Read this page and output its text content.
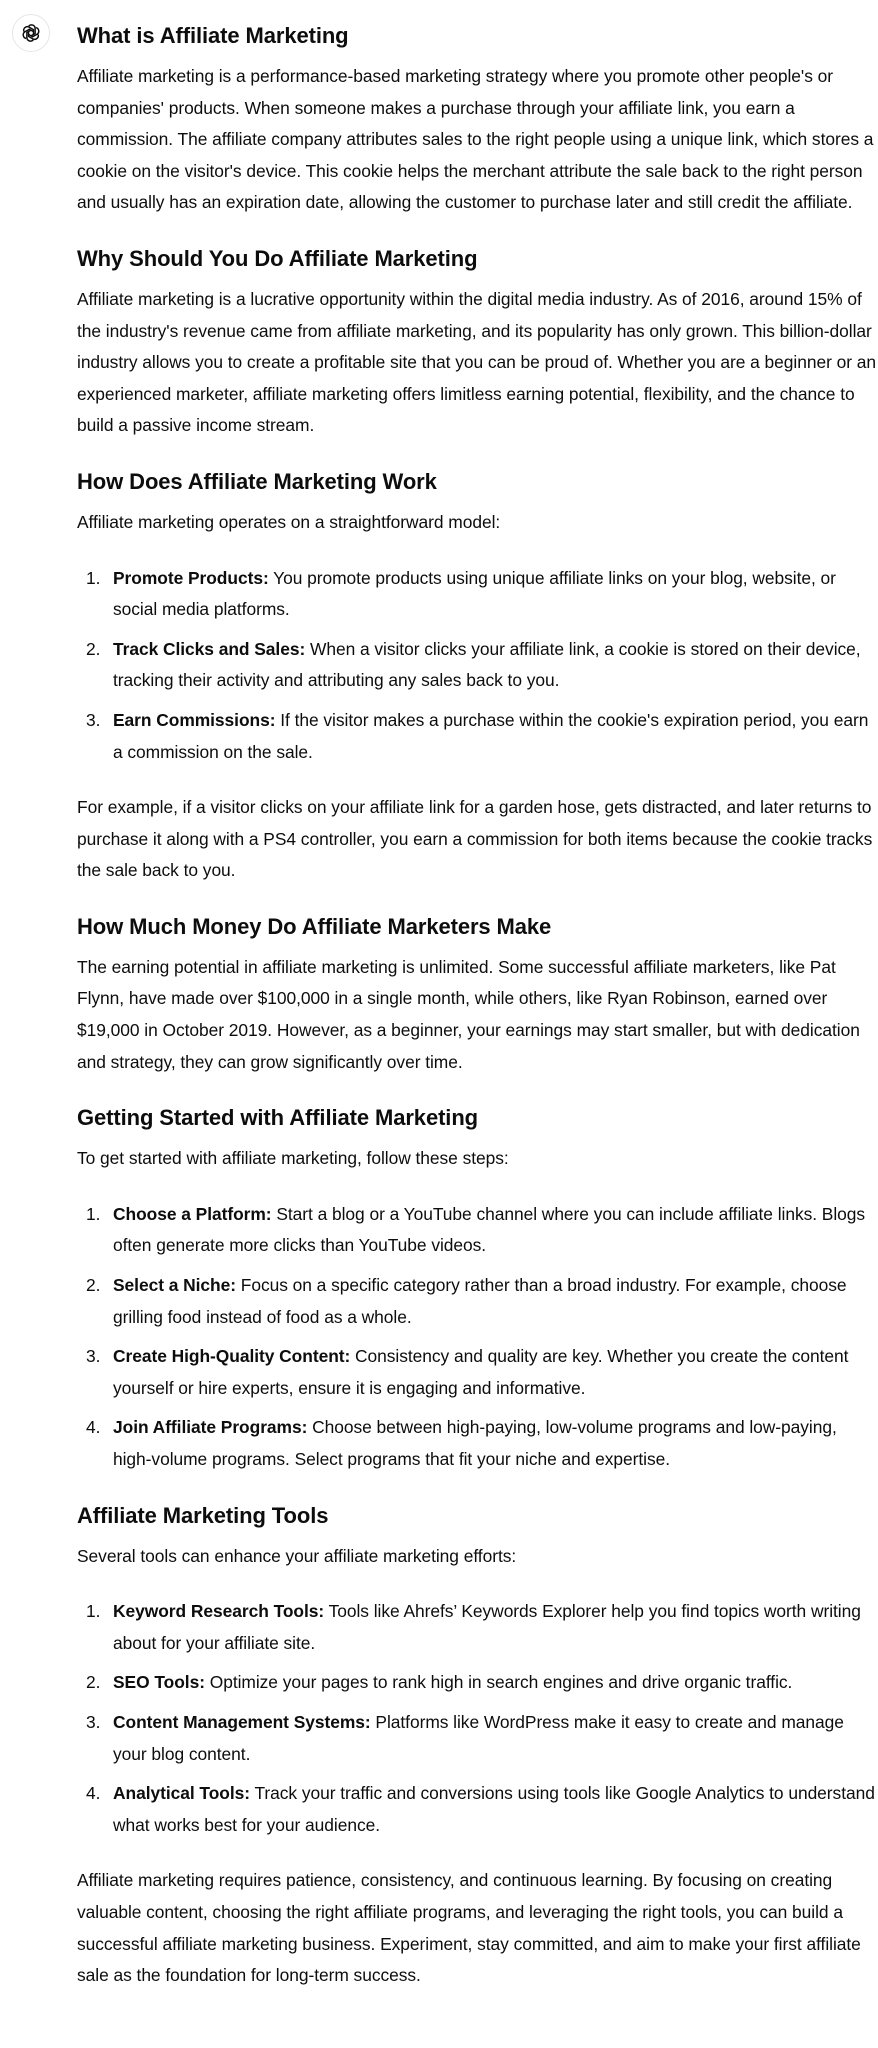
What is Affiliate Marketing

Affiliate marketing is a performance-based marketing strategy where you promote other people's or companies' products. When someone makes a purchase through your affiliate link, you earn a commission. The affiliate company attributes sales to the right people using a unique link, which stores a cookie on the visitor's device. This cookie helps the merchant attribute the sale back to the right person and usually has an expiration date, allowing the customer to purchase later and still credit the affiliate.

Why Should You Do Affiliate Marketing

Affiliate marketing is a lucrative opportunity within the digital media industry. As of 2016, around 15% of the industry's revenue came from affiliate marketing, and its popularity has only grown. This billion-dollar industry allows you to create a profitable site that you can be proud of. Whether you are a beginner or an experienced marketer, affiliate marketing offers limitless earning potential, flexibility, and the chance to build a passive income stream.

How Does Affiliate Marketing Work

Affiliate marketing operates on a straightforward model:

1. Promote Products: You promote products using unique affiliate links on your blog, website, or social media platforms.
2. Track Clicks and Sales: When a visitor clicks your affiliate link, a cookie is stored on their device, tracking their activity and attributing any sales back to you.
3. Earn Commissions: If the visitor makes a purchase within the cookie's expiration period, you earn a commission on the sale.

For example, if a visitor clicks on your affiliate link for a garden hose, gets distracted, and later returns to purchase it along with a PS4 controller, you earn a commission for both items because the cookie tracks the sale back to you.

How Much Money Do Affiliate Marketers Make

The earning potential in affiliate marketing is unlimited. Some successful affiliate marketers, like Pat Flynn, have made over $100,000 in a single month, while others, like Ryan Robinson, earned over $19,000 in October 2019. However, as a beginner, your earnings may start smaller, but with dedication and strategy, they can grow significantly over time.

Getting Started with Affiliate Marketing

To get started with affiliate marketing, follow these steps:

1. Choose a Platform: Start a blog or a YouTube channel where you can include affiliate links. Blogs often generate more clicks than YouTube videos.
2. Select a Niche: Focus on a specific category rather than a broad industry. For example, choose grilling food instead of food as a whole.
3. Create High-Quality Content: Consistency and quality are key. Whether you create the content yourself or hire experts, ensure it is engaging and informative.
4. Join Affiliate Programs: Choose between high-paying, low-volume programs and low-paying, high-volume programs. Select programs that fit your niche and expertise.
Affiliate Marketing Tools

Several tools can enhance your affiliate marketing efforts:

1. Keyword Research Tools: Tools like Ahrefs’ Keywords Explorer help you find topics worth writing about for your affiliate site.
2. SEO Tools: Optimize your pages to rank high in search engines and drive organic traffic.
3. Content Management Systems: Platforms like WordPress make it easy to create and manage your blog content.
4. Analytical Tools: Track your traffic and conversions using tools like Google Analytics to understand what works best for your audience.

Affiliate marketing requires patience, consistency, and continuous learning. By focusing on creating valuable content, choosing the right affiliate programs, and leveraging the right tools, you can build a successful affiliate marketing business. Experiment, stay committed, and aim to make your first affiliate sale as the foundation for long-term success.
